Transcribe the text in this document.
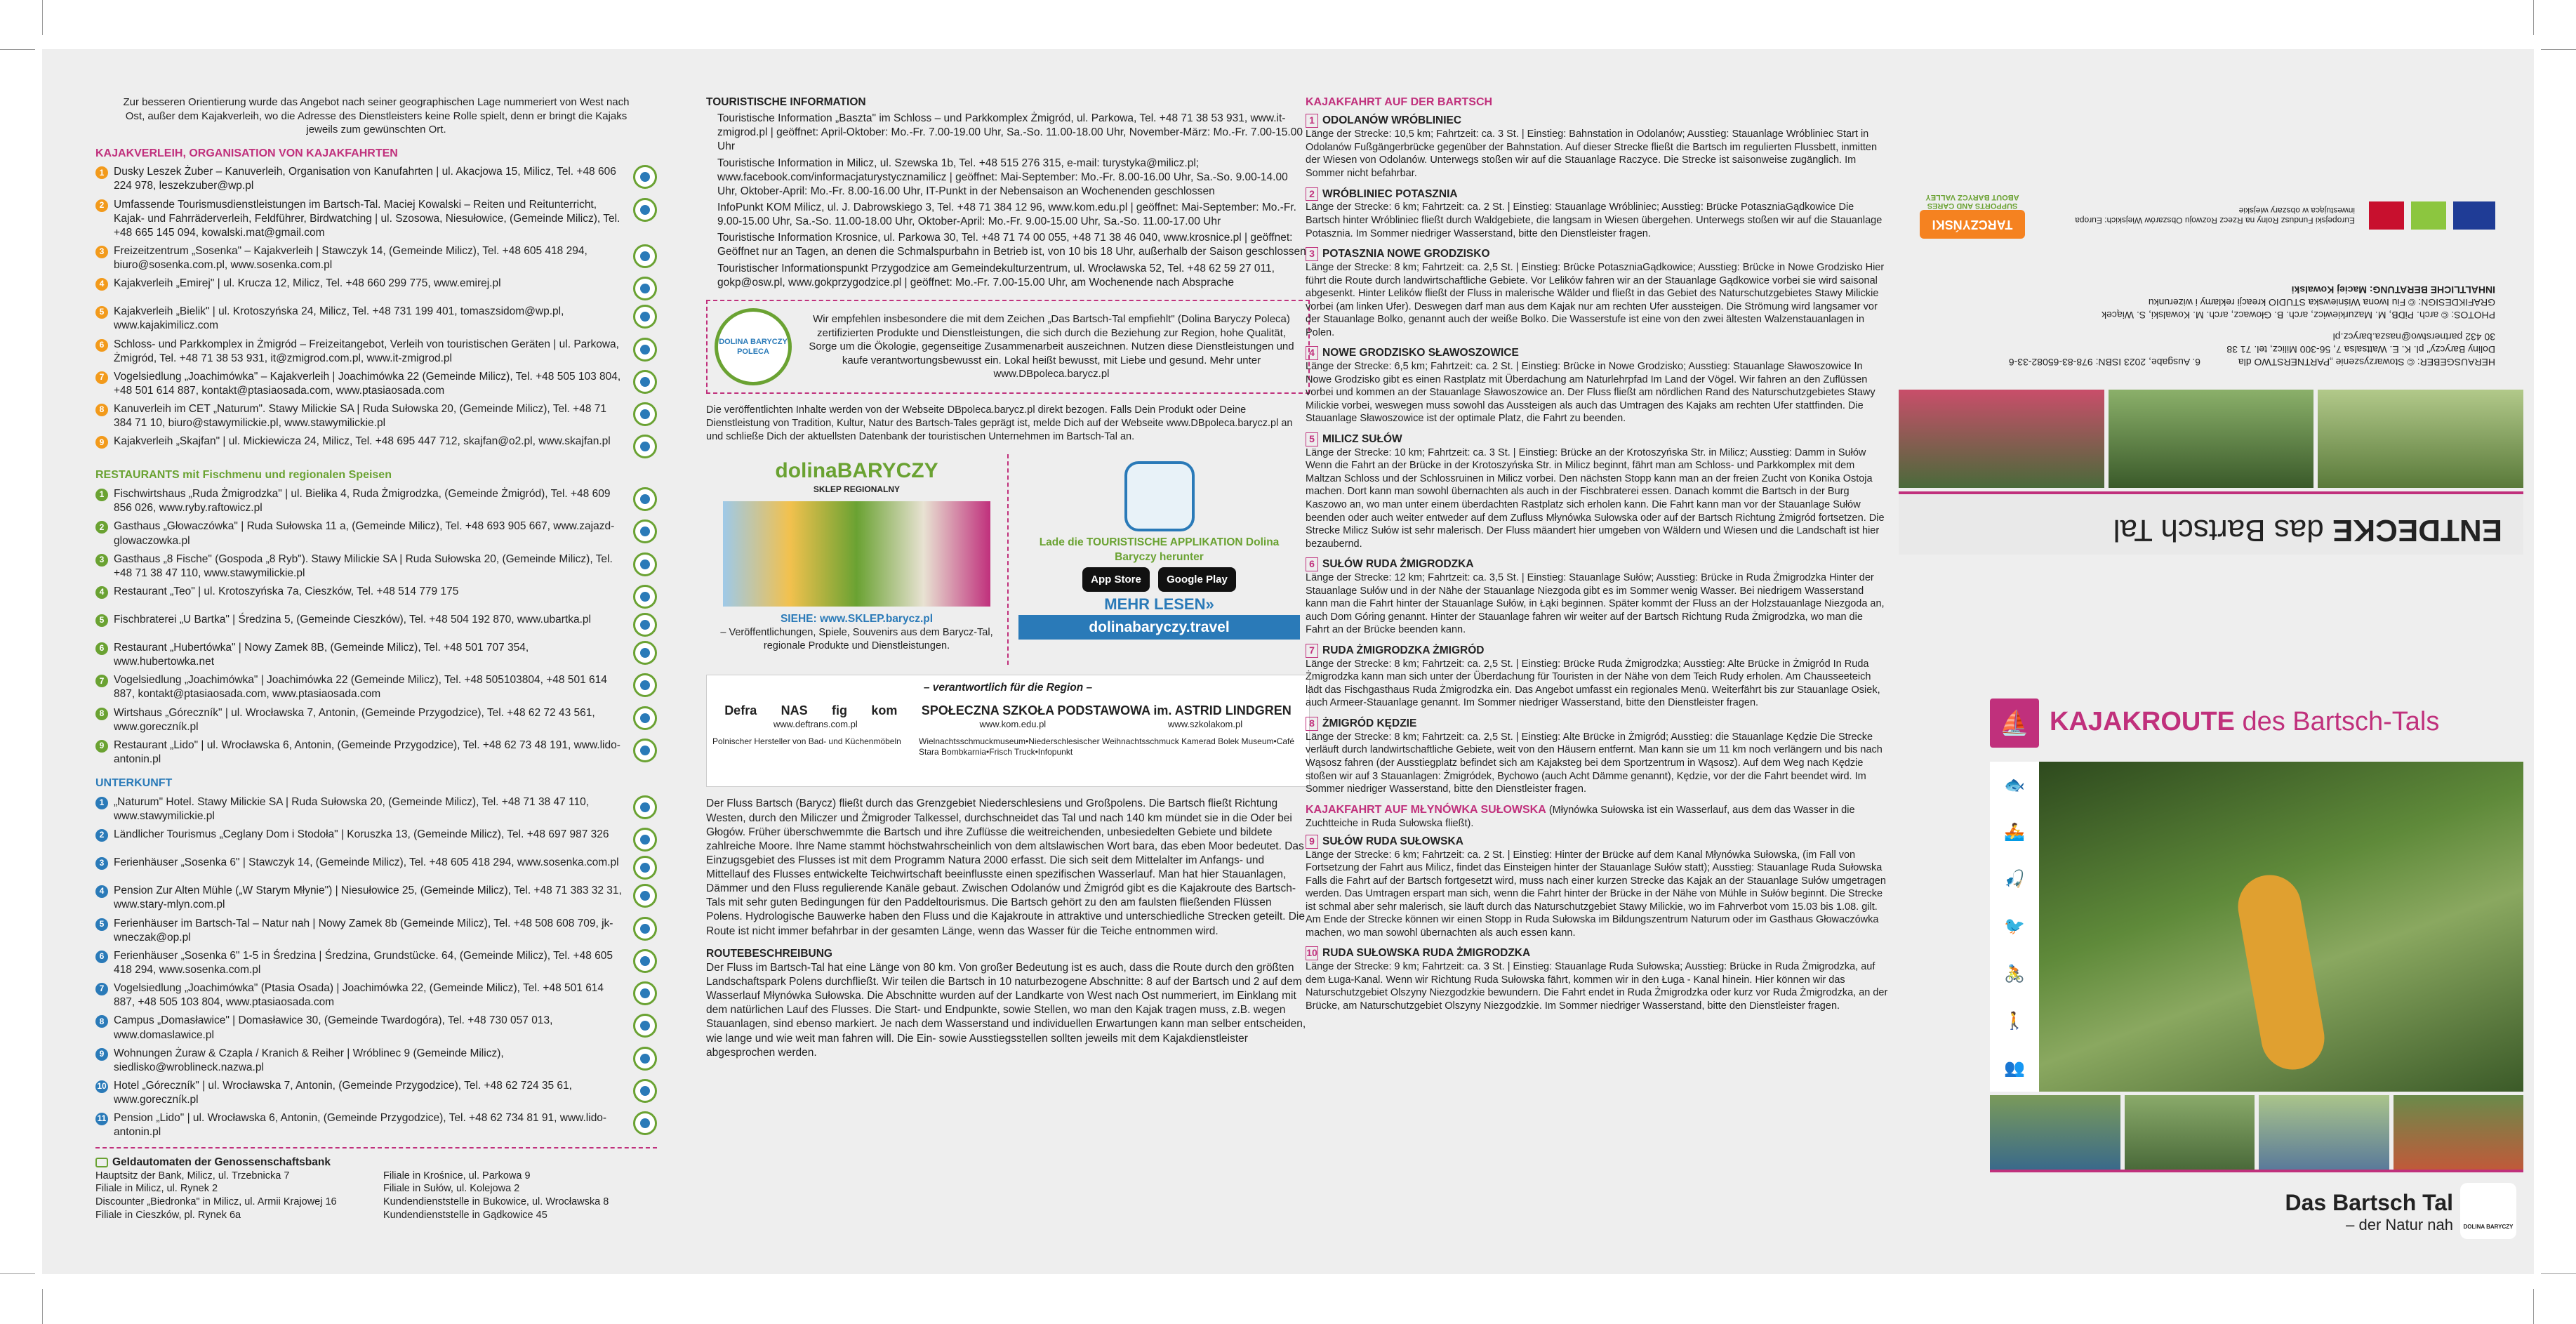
Zur besseren Orientierung wurde das Angebot nach seiner geographischen Lage nummeriert von West nach Ost, außer dem Kajakverleih, wo die Adresse des Dienstleisters keine Rolle spielt, denn er bringt die Kajaks jeweils zum gewünschten Ort.

KAJAKVERLEIH, ORGANISATION VON KAJAKFAHRTEN
1 Dusky Leszek Żuber – Kanuverleih, Organisation von Kanufahrten | ul. Akacjowa 15, Milicz, Tel. +48 606 224 978, leszekzuber@wp.pl
2 Umfassende Tourismusdienstleistungen im Bartsch-Tal. Maciej Kowalski – Reiten und Reitunterricht, Kajak- und Fahrräderverleih, Feldführer, Birdwatching | ul. Szosowa, Niesułowice, (Gemeinde Milicz), Tel. +48 665 145 094, kowalski.mat@gmail.com
3 Freizeitzentrum „Sosenka" – Kajakverleih | Stawczyk 14, (Gemeinde Milicz), Tel. +48 605 418 294, biuro@sosenka.com.pl, www.sosenka.com.pl
4 Kajakverleih „Emirej" | ul. Krucza 12, Milicz, Tel. +48 660 299 775, www.emirej.pl
5 Kajakverleih „Bielik" | ul. Krotoszyńska 24, Milicz, Tel. +48 731 199 401, tomaszsidom@wp.pl, www.kajakimilicz.com
6 Schloss- und Parkkomplex in Żmigród – Freizeitangebot, Verleih von touristischen Geräten | ul. Parkowa, Żmigród, Tel. +48 71 38 53 931, it@zmigrod.com.pl, www.it-zmigrod.pl
7 Vogelsiedlung „Joachimówka" – Kajakverleih | Joachimówka 22 (Gemeinde Milicz), Tel. +48 505 103 804, +48 501 614 887, kontakt@ptasiaosada.com, www.ptasiaosada.com
8 Kanuverleih im CET „Naturum". Stawy Milickie SA | Ruda Sułowska 20, (Gemeinde Milicz), Tel. +48 71 384 71 10, biuro@stawymilickie.pl, www.stawymilickie.pl
9 Kajakverleih „Skajfan" | ul. Mickiewicza 24, Milicz, Tel. +48 695 447 712, skajfan@o2.pl, www.skajfan.pl
RESTAURANTS mit Fischmenu und regionalen Speisen
1 Fischwirtshaus „Ruda Żmigrodzka" | ul. Bielika 4, Ruda Żmigrodzka, (Gemeinde Żmigród), Tel. +48 609 856 026, www.ryby.raftowicz.pl
2 Gasthaus „Głowaczówka" | Ruda Sułowska 11 a, (Gemeinde Milicz), Tel. +48 693 905 667, www.zajazd-glowaczowka.pl
3 Gasthaus „8 Fische" (Gospoda „8 Ryb"). Stawy Milickie SA | Ruda Sułowska 20, (Gemeinde Milicz), Tel. +48 71 38 47 110, www.stawymilickie.pl
4 Restaurant „Teo" | ul. Krotoszyńska 7a, Cieszków, Tel. +48 514 779 175
5 Fischbraterei „U Bartka" | Średzina 5, (Gemeinde Cieszków), Tel. +48 504 192 870, www.ubartka.pl
6 Restaurant „Hubertówka" | Nowy Zamek 8B, (Gemeinde Milicz), Tel. +48 501 707 354, www.hubertowka.net
7 Vogelsiedlung „Joachimówka" | Joachimówka 22 (Gemeinde Milicz), Tel. +48 505103804, +48 501 614 887, kontakt@ptasiaosada.com, www.ptasiaosada.com
8 Wirtshaus „Góreczník" | ul. Wrocławska 7, Antonin, (Gemeinde Przygodzice), Tel. +48 62 72 43 561, www.goreczník.pl
9 Restaurant „Lido" | ul. Wrocławska 6, Antonin, (Gemeinde Przygodzice), Tel. +48 62 73 48 191, www.lido-antonin.pl
UNTERKUNFT
1 „Naturum" Hotel. Stawy Milickie SA | Ruda Sułowska 20, (Gemeinde Milicz), Tel. +48 71 38 47 110, www.stawymilickie.pl
2 Ländlicher Tourismus „Ceglany Dom i Stodoła" | Koruszka 13, (Gemeinde Milicz), Tel. +48 697 987 326
3 Ferienhäuser „Sosenka 6" | Stawczyk 14, (Gemeinde Milicz), Tel. +48 605 418 294, www.sosenka.com.pl
4 Pension Zur Alten Mühle („W Starym Młynie") | Niesułowice 25, (Gemeinde Milicz), Tel. +48 71 383 32 31, www.stary-mlyn.com.pl
5 Ferienhäuser im Bartsch-Tal – Natur nah | Nowy Zamek 8b (Gemeinde Milicz), Tel. +48 508 608 709, jk-wneczak@op.pl
6 Ferienhäuser „Sosenka 6" 1-5 in Średzina | Średzina, Grundstücke. 64, (Gemeinde Milicz), Tel. +48 605 418 294, www.sosenka.com.pl
7 Vogelsiedlung „Joachimówka" (Ptasia Osada) | Joachimówka 22, (Gemeinde Milicz), Tel. +48 501 614 887, +48 505 103 804, www.ptasiaosada.com
8 Campus „Domasławice" | Domasławice 30, (Gemeinde Twardogóra), Tel. +48 730 057 013, www.domaslawice.pl
9 Wohnungen Żuraw & Czapla / Kranich & Reiher | Wróblinec 9 (Gemeinde Milicz), siedlisko@wroblineck.nazwa.pl
10 Hotel „Góreczník" | ul. Wrocławska 7, Antonin, (Gemeinde Przygodzice), Tel. +48 62 724 35 61, www.goreczník.pl
11 Pension „Lido" | ul. Wrocławska 6, Antonin, (Gemeinde Przygodzice), Tel. +48 62 734 81 91, www.lido-antonin.pl
Geldautomaten der Genossenschaftsbank
Hauptsitz der Bank, Milicz, ul. Trzebnicka 7
Filiale in Milicz, ul. Rynek 2
Discounter „Biedronka" in Milicz, ul. Armii Krajowej 16
Filiale in Cieszków, pl. Rynek 6a
Filiale in Krośnice, ul. Parkowa 9
Filiale in Sułów, ul. Kolejowa 2
Kundendienststelle in Bukowice, ul. Wrocławska 8
Kundendienststelle in Gądkowice 45
TOURISTISCHE INFORMATION
Touristische Information „Baszta" im Schloss – und Parkkomplex Żmigród, ul. Parkowa, Tel. +48 71 38 53 931, www.it-zmigrod.pl | geöffnet: April-Oktober: Mo.-Fr. 7.00-19.00 Uhr, Sa.-So. 11.00-18.00 Uhr, November-März: Mo.-Fr. 7.00-15.00 Uhr
Touristische Information in Milicz, ul. Szewska 1b, Tel. +48 515 276 315, e-mail: turystyka@milicz.pl; www.facebook.com/informacjaturystycznamilicz | geöffnet: Mai-September: Mo.-Fr. 8.00-16.00 Uhr, Sa.-So. 9.00-14.00 Uhr, Oktober-April: Mo.-Fr. 8.00-16.00 Uhr, IT-Punkt in der Nebensaison an Wochenenden geschlossen
InfoPunkt KOM Milicz, ul. J. Dabrowskiego 3, Tel. +48 71 384 12 96, www.kom.edu.pl | geöffnet: Mai-September: Mo.-Fr. 9.00-15.00 Uhr, Sa.-So. 11.00-18.00 Uhr, Oktober-April: Mo.-Fr. 9.00-15.00 Uhr, Sa.-So. 11.00-17.00 Uhr
Touristische Information Krosnice, ul. Parkowa 30, Tel. +48 71 74 00 055, +48 71 38 46 040, www.krosnice.pl | geöffnet: Geöffnet nur an Tagen, an denen die Schmalspurbahn in Betrieb ist, von 10 bis 18 Uhr, außerhalb der Saison geschlossen
Touristischer Informationspunkt Przygodzice am Gemeindekulturzentrum, ul. Wrocławska 52, Tel. +48 62 59 27 011, gokp@osw.pl, www.gokprzygodzice.pl | geöffnet: Mo.-Fr. 7.00-15.00 Uhr, am Wochenende nach Absprache
DOLINA BARYCZY POLECA
Wir empfehlen insbesondere die mit dem Zeichen „Das Bartsch-Tal empfiehlt" (Dolina Baryczy Poleca) zertifizierten Produkte und Dienstleistungen, die sich durch die Beziehung zur Region, hohe Qualität, Sorge um die Ökologie, gegenseitige Zusammenarbeit auszeichnen. Nutzen diese Dienstleistungen und kaufe verantwortungsbewusst ein. Lokal heißt bewusst, mit Liebe und gesund. Mehr unter www.DBpoleca.barycz.pl

Die veröffentlichten Inhalte werden von der Webseite DBpoleca.barycz.pl direkt bezogen. Falls Dein Produkt oder Deine Dienstleistung von Tradition, Kultur, Natur des Bartsch-Tales geprägt ist, melde Dich auf der Webseite www.DBpoleca.barycz.pl an und schließe Dich der aktuellsten Datenbank der touristischen Unternehmen im Bartsch-Tal an.

dolinaBARYCZY
SKLEP REGIONALNY
SIEHE: www.SKLEP.barycz.pl
– Veröffentlichungen, Spiele, Souvenirs aus dem Barycz-Tal, regionale Produkte und Dienstleistungen.
Lade die TOURISTISCHE APPLIKATION Dolina Baryczy herunter
App Store Google Play
MEHR LESEN»
dolinabaryczy.travel
– verantwortlich für die Region –
Defra NAS fig kom SPOŁECZNA SZKOŁA PODSTAWOWA im. ASTRID LINDGREN
www.deftrans.com.pl	www.kom.edu.pl	www.szkolakom.pl
Polnischer Hersteller von Bad- und Küchenmöbeln	Wielnachtsschmuckmuseum•Niederschlesischer Weihnachtsschmuck Kamerad Bolek Museum•Café Stara Bombkarnia•Frisch Truck•Infopunkt

Der Fluss Bartsch (Barycz) fließt durch das Grenzgebiet Niederschlesiens und Großpolens. Die Bartsch fließt Richtung Westen, durch den Miliczer und Żmigroder Talkessel, durchschneidet das Tal und nach 140 km mündet sie in die Oder bei Głogów. Früher überschwemmte die Bartsch und ihre Zuflüsse die weitreichenden, unbesiedelten Gebiete und bildete zahlreiche Moore. Ihre Name stammt höchstwahrscheinlich von dem altslawischen Wort bara, das eben Moor bedeutet. Das Einzugsgebiet des Flusses ist mit dem Programm Natura 2000 erfasst. Die sich seit dem Mittelalter im Anfangs- und Mittellauf des Flusses entwickelte Teichwirtschaft beeinflusste einen spezifischen Wasserlauf. Man hat hier Stauanlagen, Dämmer und den Fluss regulierende Kanäle gebaut. Zwischen Odolanów und Żmigród gibt es die Kajakroute des Bartsch-Tals mit sehr guten Bedingungen für den Paddeltourismus. Die Bartsch gehört zu den am faulsten fließenden Flüssen Polens. Hydrologische Bauwerke haben den Fluss und die Kajakroute in attraktive und unterschiedliche Strecken geteilt. Die Route ist nicht immer befahrbar in der gesamten Länge, wenn das Wasser für die Teiche entnommen wird.

ROUTEBESCHREIBUNG

Der Fluss im Bartsch-Tal hat eine Länge von 80 km. Von großer Bedeutung ist es auch, dass die Route durch den größten Landschaftspark Polens durchfließt. Wir teilen die Bartsch in 10 naturbezogene Abschnitte: 8 auf der Bartsch und 2 auf dem Wasserlauf Młynówka Sułowska. Die Abschnitte wurden auf der Landkarte von West nach Ost nummeriert, im Einklang mit dem natürlichen Lauf des Flusses. Die Start- und Endpunkte, sowie Stellen, wo man den Kajak tragen muss, z.B. wegen Stauanlagen, sind ebenso markiert. Je nach dem Wasserstand und individuellen Erwartungen kann man selber entscheiden, wie lange und wie weit man fahren will. Die Ein- sowie Ausstiegsstellen sollten jeweils mit dem Kajakdienstleister abgesprochen werden.

KAJAKFAHRT AUF DER BARTSCH
1 ODOLANÓW WRÓBLINIEC

Länge der Strecke: 10,5 km; Fahrtzeit: ca. 3 St. | Einstieg: Bahnstation in Odolanów; Ausstieg: Stauanlage Wróbliniec Start in Odolanów Fußgängerbrücke gegenüber der Bahnstation. Auf dieser Strecke fließt die Bartsch im regulierten Flussbett, inmitten der Wiesen von Odolanów. Unterwegs stoßen wir auf die Stauanlage Raczyce. Die Strecke ist saisonweise zugänglich. Im Sommer nicht befahrbar.

2 WRÓBLINIEC POTASZNIA

Länge der Strecke: 6 km; Fahrtzeit: ca. 2 St. | Einstieg: Stauanlage Wróbliniec; Ausstieg: Brücke PotaszniaGądkowice Die Bartsch hinter Wróbliniec fließt durch Waldgebiete, die langsam in Wiesen übergehen. Unterwegs stoßen wir auf die Stauanlage Potasznia. Im Sommer niedriger Wasserstand, bitte den Dienstleister fragen.

3 POTASZNIA NOWE GRODZISKO

Länge der Strecke: 8 km; Fahrtzeit: ca. 2,5 St. | Einstieg: Brücke PotaszniaGądkowice; Ausstieg: Brücke in Nowe Grodzisko Hier führt die Route durch landwirtschaftliche Gebiete. Vor Lelików fahren wir an der Stauanlage Gądkowice vorbei sie wird saisonal abgesenkt. Hinter Lelików fließt der Fluss in malerische Wälder und fließt in das Gebiet des Naturschutzgebietes Stawy Milickie vorbei (am linken Ufer). Deswegen darf man aus dem Kajak nur am rechten Ufer aussteigen. Die Strömung wird langsamer vor der Stauanlage Bolko, genannt auch der weiße Bolko. Die Wasserstufe ist eine von den zwei ältesten Walzenstauanlagen in Polen.

4 NOWE GRODZISKO SŁAWOSZOWICE

Länge der Strecke: 6,5 km; Fahrtzeit: ca. 2 St. | Einstieg: Brücke in Nowe Grodzisko; Ausstieg: Stauanlage Sławoszowice In Nowe Grodzisko gibt es einen Rastplatz mit Überdachung am Naturlehrpfad Im Land der Vögel. Wir fahren an den Zuflüssen vorbei und kommen an der Stauanlage Sławoszowice an. Der Fluss fließt am nördlichen Rand des Naturschutzgebietes Stawy Milickie vorbei, weswegen muss sowohl das Aussteigen als auch das Umtragen des Kajaks am rechten Ufer stattfinden. Die Stauanlage Sławoszowice ist der optimale Platz, die Fahrt zu beenden.

5 MILICZ SUŁÓW

Länge der Strecke: 10 km; Fahrtzeit: ca. 3 St. | Einstieg: Brücke an der Krotoszyńska Str. in Milicz; Ausstieg: Damm in Sułów Wenn die Fahrt an der Brücke in der Krotoszyńska Str. in Milicz beginnt, fährt man am Schloss- und Parkkomplex mit dem Maltzan Schloss und der Schlossruinen in Milicz vorbei. Den nächsten Stopp kann man an der freien Zucht von Konika Ostoja machen. Dort kann man sowohl übernachten als auch in der Fischbraterei essen. Danach kommt die Bartsch in der Burg Kaszowo an, wo man unter einem überdachten Rastplatz sich erholen kann. Die Fahrt kann man vor der Stauanlage Sułów beenden oder auch weiter entweder auf dem Zufluss Młynówka Sułowska oder auf der Bartsch Richtung Żmigród fortsetzen. Die Strecke Milicz Sułów ist sehr malerisch. Der Fluss mäandert hier umgeben von Wäldern und Wiesen und die Landschaft ist hier bezaubernd.

6 SUŁÓW RUDA ŻMIGRODZKA

Länge der Strecke: 12 km; Fahrtzeit: ca. 3,5 St. | Einstieg: Stauanlage Sułów; Ausstieg: Brücke in Ruda Żmigrodzka Hinter der Stauanlage Sułów und in der Nähe der Stauanlage Niezgoda gibt es im Sommer wenig Wasser. Bei niedrigem Wasserstand kann man die Fahrt hinter der Stauanlage Sułów, in Łąki beginnen. Später kommt der Fluss an der Holzstauanlage Niezgoda an, auch Dom Góring genannt. Hinter der Stauanlage fahren wir weiter auf der Bartsch Richtung Ruda Żmigrodzka, wo man die Fahrt an der Brücke beenden kann.

7 RUDA ŻMIGRODZKA ŻMIGRÓD

Länge der Strecke: 8 km; Fahrtzeit: ca. 2,5 St. | Einstieg: Brücke Ruda Żmigrodzka; Ausstieg: Alte Brücke in Żmigród In Ruda Żmigrodzka kann man sich unter der Überdachung für Touristen in der Nähe von dem Teich Rudy erholen. Am Chausseeteich lädt das Fischgasthaus Ruda Żmigrodzka ein. Das Angebot umfasst ein regionales Menü. Weiterfährt bis zur Stauanlage Osiek, auch Armeer-Stauanlage genannt. Im Sommer niedriger Wasserstand, bitte den Dienstleister fragen.

8 ŻMIGRÓD KĘDZIE

Länge der Strecke: 8 km; Fahrtzeit: ca. 2,5 St. | Einstieg: Alte Brücke in Żmigród; Ausstieg: die Stauanlage Kędzie Die Strecke verläuft durch landwirtschaftliche Gebiete, weit von den Häusern entfernt. Man kann sie um 11 km noch verlängern und bis nach Wąsosz fahren (der Ausstiegplatz befindet sich am Kajaksteg bei dem Sportzentrum in Wąsosz). Auf dem Weg nach Kędzie stoßen wir auf 3 Stauanlagen: Żmigródek, Bychowo (auch Acht Dämme genannt), Kędzie, vor der die Fahrt beendet wird. Im Sommer niedriger Wasserstand, bitte den Dienstleister fragen.

KAJAKFAHRT AUF MŁYNÓWKA SUŁOWSKA (Młynówka Sułowska ist ein Wasserlauf, aus dem das Wasser in die Zuchtteiche in Ruda Sułowska fließt).
9 SUŁÓW RUDA SUŁOWSKA

Länge der Strecke: 6 km; Fahrtzeit: ca. 2 St. | Einstieg: Hinter der Brücke auf dem Kanal Młynówka Sułowska, (im Fall von Fortsetzung der Fahrt aus Milicz, findet das Einsteigen hinter der Stauanlage Sułów statt); Ausstieg: Stauanlage Ruda Sułowska Falls die Fahrt auf der Bartsch fortgesetzt wird, muss nach einer kurzen Strecke das Kajak an der Stauanlage Sułów umgetragen werden. Das Umtragen erspart man sich, wenn die Fahrt hinter der Brücke in der Nähe von Mühle in Sułów beginnt. Die Strecke ist schmal aber sehr malerisch, sie läuft durch das Naturschutzgebiet Stawy Milickie, wo im Fahrverbot vom 15.03 bis 1.08. gilt. Am Ende der Strecke können wir einen Stopp in Ruda Sułowska im Bildungszentrum Naturum oder im Gasthaus Głowaczówka machen, wo man sowohl übernachten als auch essen kann.

10 RUDA SUŁOWSKA RUDA ŻMIGRODZKA

Länge der Strecke: 9 km; Fahrtzeit: ca. 3 St. | Einstieg: Stauanlage Ruda Sułowska; Ausstieg: Brücke in Ruda Żmigrodzka, auf dem Ługa-Kanal. Wenn wir Richtung Ruda Sułowska fährt, kommen wir in den Ługa - Kanal hinein. Hier können wir das Naturschutzgebiet Olszyny Niezgodzkie bewundern. Die Fahrt endet in Ruda Żmigrodzka oder kurz vor Ruda Żmigrodzka, an der Brücke, am Naturschutzgebiet Olszyny Niezgodzkie. Im Sommer niedriger Wasserstand, bitte den Dienstleister fragen.

ENTDECKE das Bartsch Tal
HERAUSGEBER: © Stowarzyszenie „PARTNERSTWO dla Doliny Baryczy" pl. K. E. Wattsalsa 7, 56-300 Milicz, tel. 71 38 30 432 partnerstwo@nasza.barycz.pl
6. Ausgabe, 2023 ISBN: 978-83-65082-33-6

PHOTOS: © arch. PiDB, M. Mazurkiewicz, arch. B. Głowacz, arch. M. Kowalski, S. Wiącek

GRAFIKDESIGN: © Fiu Iwona Wiśniewska STUDIO kreacji reklamy i wizerunku

INHALTLICHE BERATUNG: Maciej Kowalski

Europejski Fundusz Rolny na Rzecz Rozwoju Obszarów Wiejskich: Europa inwestująca w obszary wiejskie
TARCZYŃSKI
SUPPORTS AND CARES ABOUT BARYCZ VALLEY
⛵ KAJAKROUTE des Bartsch-Tals
🐟
🚣
🎣
🐦
🚴
🚶
👥
Das Bartsch Tal
– der Natur nah	DOLINA BARYCZY
